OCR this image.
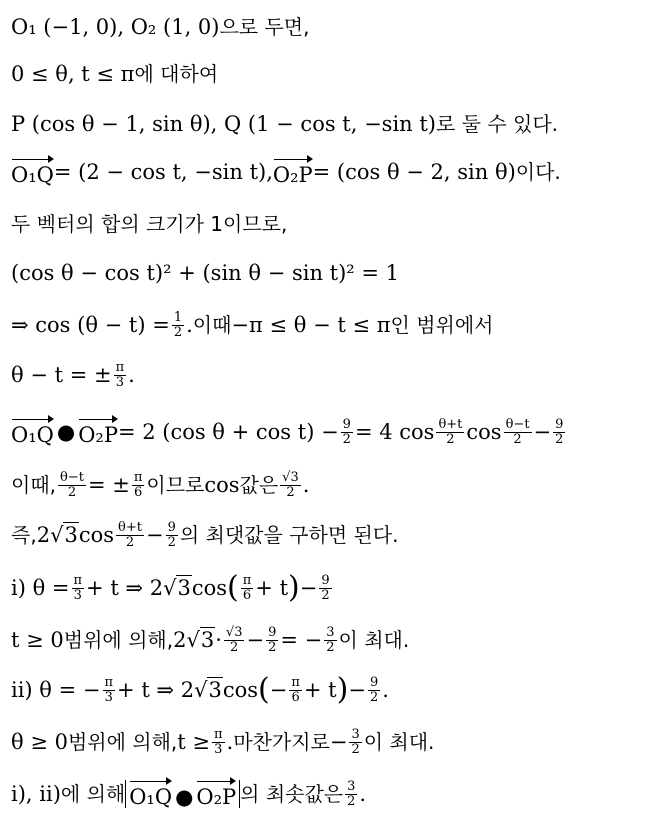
O₁ (−1, 0), O₂ (1, 0) 으로 두면,
0 ≤ θ, t ≤ π 에 대하여
P (cos θ − 1, sin θ), Q (1 − cos t, −sin t) 로 둘 수 있다.
O₁Q = (2 − cos t, −sin t), O₂P = (cos θ − 2, sin θ) 이다.
두 벡터의 합의 크기가 1이므로,
(cos θ − cos t)² + (sin θ − sin t)² = 1
⇒ $\cos (\theta - t) = \frac{1}{2}$ . 이때 −π ≤ θ − t ≤ π 인 범위에서
θ − t = ± $\frac{\pi}{3}$ .
O₁Q ● O₂P = 2 (cos $\theta + \cos t) - \frac{9}{2} = 4$ $\cos \frac{\theta+t}{2}$ $\cos \frac{\theta-t}{2} - \frac{9}{2}$
이때, $\frac{\theta-t}{2}$ = ± $\frac{\pi}{6}$ 이므로 cos 값은 $\frac{√3}{2}$ .
즉, 2 √3 $\cos \frac{\theta+t}{2} - \frac{9}{2}$ 의 최댓값을 구하면 된다.
i) $\theta = \frac{\pi}{3} + t$ ⇒ 2 √3 cos ( $\frac{\pi}{6} + t$ ) − $\frac{9}{2}$
t ≥ 0 범위에 의해, 2 $√3 \cdot \frac{√3}{2} - \frac{9}{2}$ = − $\frac{3}{2}$ 이 최대.
ii) θ = − $\frac{\pi}{3} + t$ ⇒ 2 √3 cos ( − $\frac{\pi}{6} + t$ ) − $\frac{9}{2}$ .
θ ≥ 0 범위에 의해, $t \ge \frac{\pi}{3}$ . 마찬가지로 − $\frac{3}{2}$ 이 최대.
i), ii) 에 의해 O₁Q ● O₂P 의 최솟값은 $\frac{3}{2}$ .
